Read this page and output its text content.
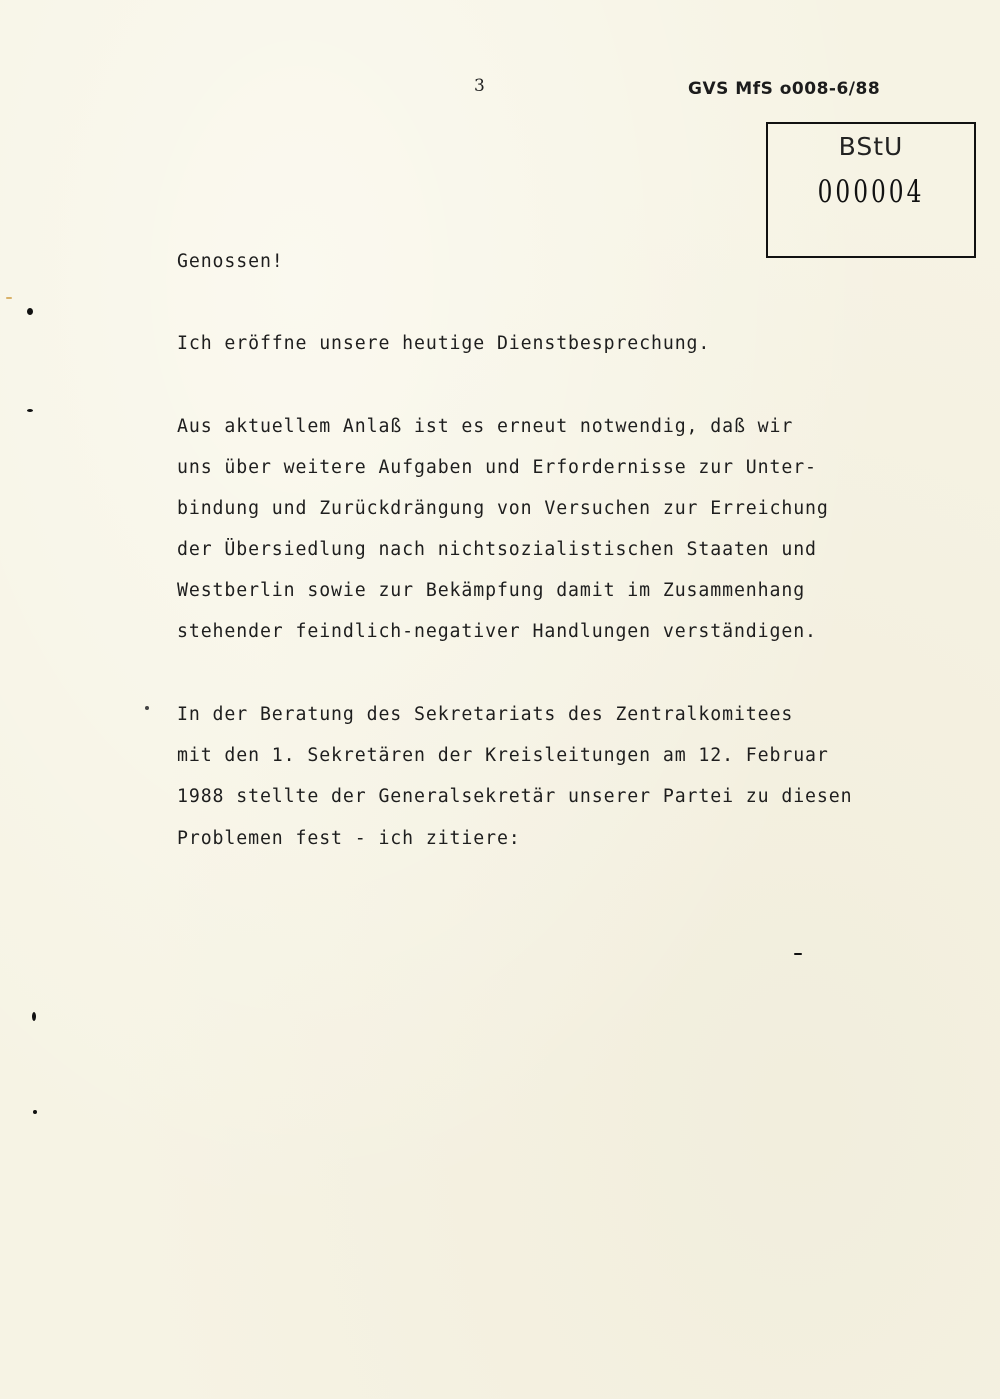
3	GVS MfS o008-6/88
BStU
000004
Genossen!
Ich eröffne unsere heutige Dienstbesprechung.
Aus aktuellem Anlaß ist es erneut notwendig, daß wir
uns über weitere Aufgaben und Erfordernisse zur Unter-
bindung und Zurückdrängung von Versuchen zur Erreichung
der Übersiedlung nach nichtsozialistischen Staaten und
Westberlin sowie zur Bekämpfung damit im Zusammenhang
stehender feindlich-negativer Handlungen verständigen.
In der Beratung des Sekretariats des Zentralkomitees
mit den 1. Sekretären der Kreisleitungen am 12. Februar
1988 stellte der Generalsekretär unserer Partei zu diesen
Problemen fest - ich zitiere:
